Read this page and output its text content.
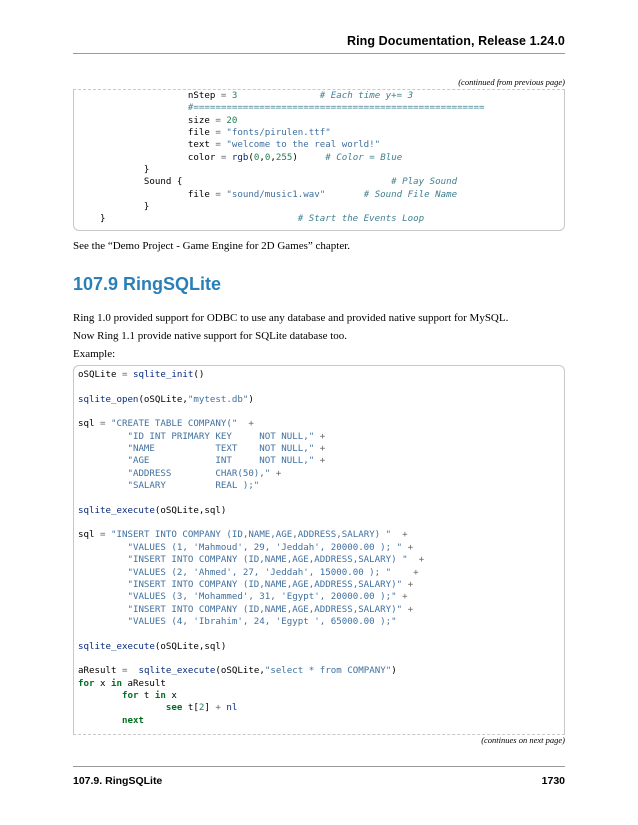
Ring Documentation, Release 1.24.0
(continued from previous page)
nStep = 3               # Each time y+= 3
#=====================================================
size = 20
file = "fonts/pirulen.ttf"
text = "welcome to the real world!"
color = rgb(0,0,255)	# Color = Blue
}
Sound {	# Play Sound
file = "sound/music1.wav"	# Sound File Name
}
}	# Start the Events Loop
See the “Demo Project - Game Engine for 2D Games” chapter.
107.9 RingSQLite
Ring 1.0 provided support for ODBC to use any database and provided native support for MySQL.
Now Ring 1.1 provide native support for SQLite database too.
Example:
oSQLite = sqlite_init()
sqlite_open(oSQLite,"mytest.db")
sql = "CREATE TABLE COMPANY(" +
"ID INT PRIMARY KEY     NOT NULL," +
"NAME           TEXT    NOT NULL," +
"AGE            INT     NOT NULL," +
"ADDRESS        CHAR(50)," +
"SALARY         REAL );"
sqlite_execute(oSQLite,sql)
sql = "INSERT INTO COMPANY (ID,NAME,AGE,ADDRESS,SALARY) " +
"VALUES (1, 'Mahmoud', 29, 'Jeddah', 20000.00 ); " +
"INSERT INTO COMPANY (ID,NAME,AGE,ADDRESS,SALARY) " +
"VALUES (2, 'Ahmed', 27, 'Jeddah', 15000.00 ); " +
"INSERT INTO COMPANY (ID,NAME,AGE,ADDRESS,SALARY)" +
"VALUES (3, 'Mohammed', 31, 'Egypt', 20000.00 );" +
"INSERT INTO COMPANY (ID,NAME,AGE,ADDRESS,SALARY)" +
"VALUES (4, 'Ibrahim', 24, 'Egypt ', 65000.00 );"
sqlite_execute(oSQLite,sql)
aResult = sqlite_execute(oSQLite,"select * from COMPANY")
for x in aResult
for t in x
see t[2] + nl
next
(continues on next page)
107.9. RingSQLite	1730
